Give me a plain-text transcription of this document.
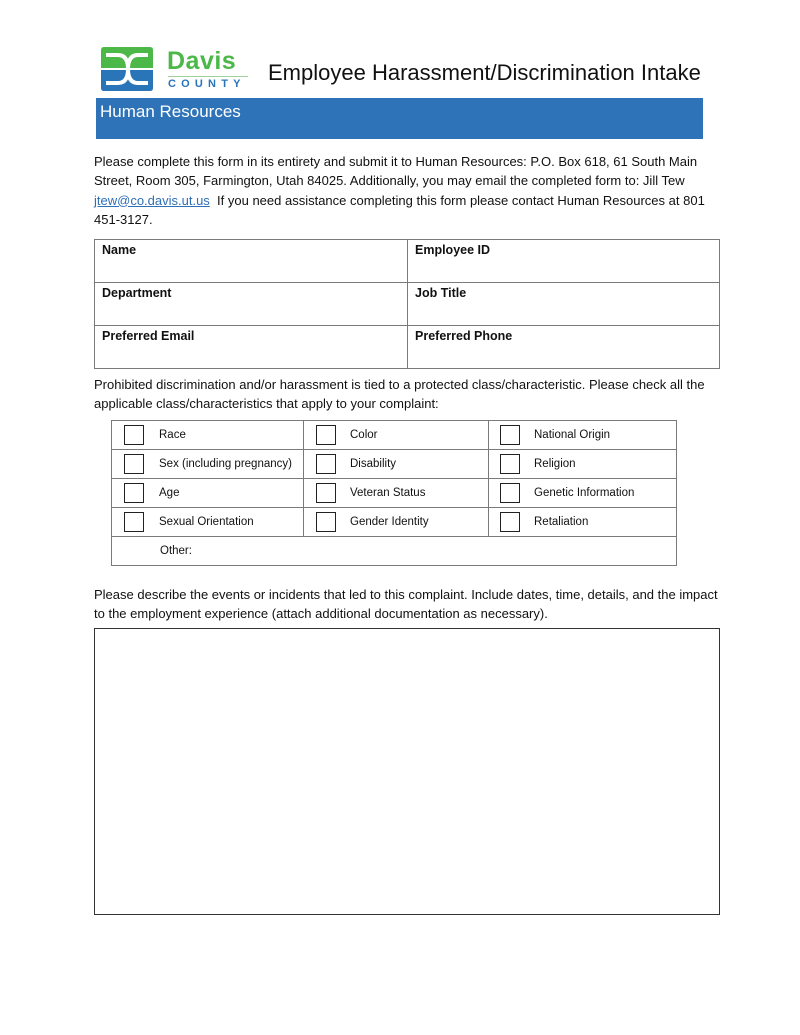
Davis
COUNTY Employee Harassment/Discrimination Intake
Human Resources
Please complete this form in its entirety and submit it to Human Resources: P.O. Box 618, 61 South Main Street, Room 305, Farmington, Utah 84025. Additionally, you may email the completed form to: Jill Tew jtew@co.davis.ut.us  If you need assistance completing this form please contact Human Resources at 801 451-3127.
Name	Employee ID
Department	Job Title
Preferred Email	Preferred Phone
Prohibited discrimination and/or harassment is tied to a protected class/characteristic. Please check all the applicable class/characteristics that apply to your complaint:
Race	Color	National Origin

Sex (including pregnancy)	Disability	Religion

Age	Veteran Status	Genetic Information

Sexual Orientation	Gender Identity	Retaliation

Other:		
Please describe the events or incidents that led to this complaint. Include dates, time, details, and the impact to the employment experience (attach additional documentation as necessary).
